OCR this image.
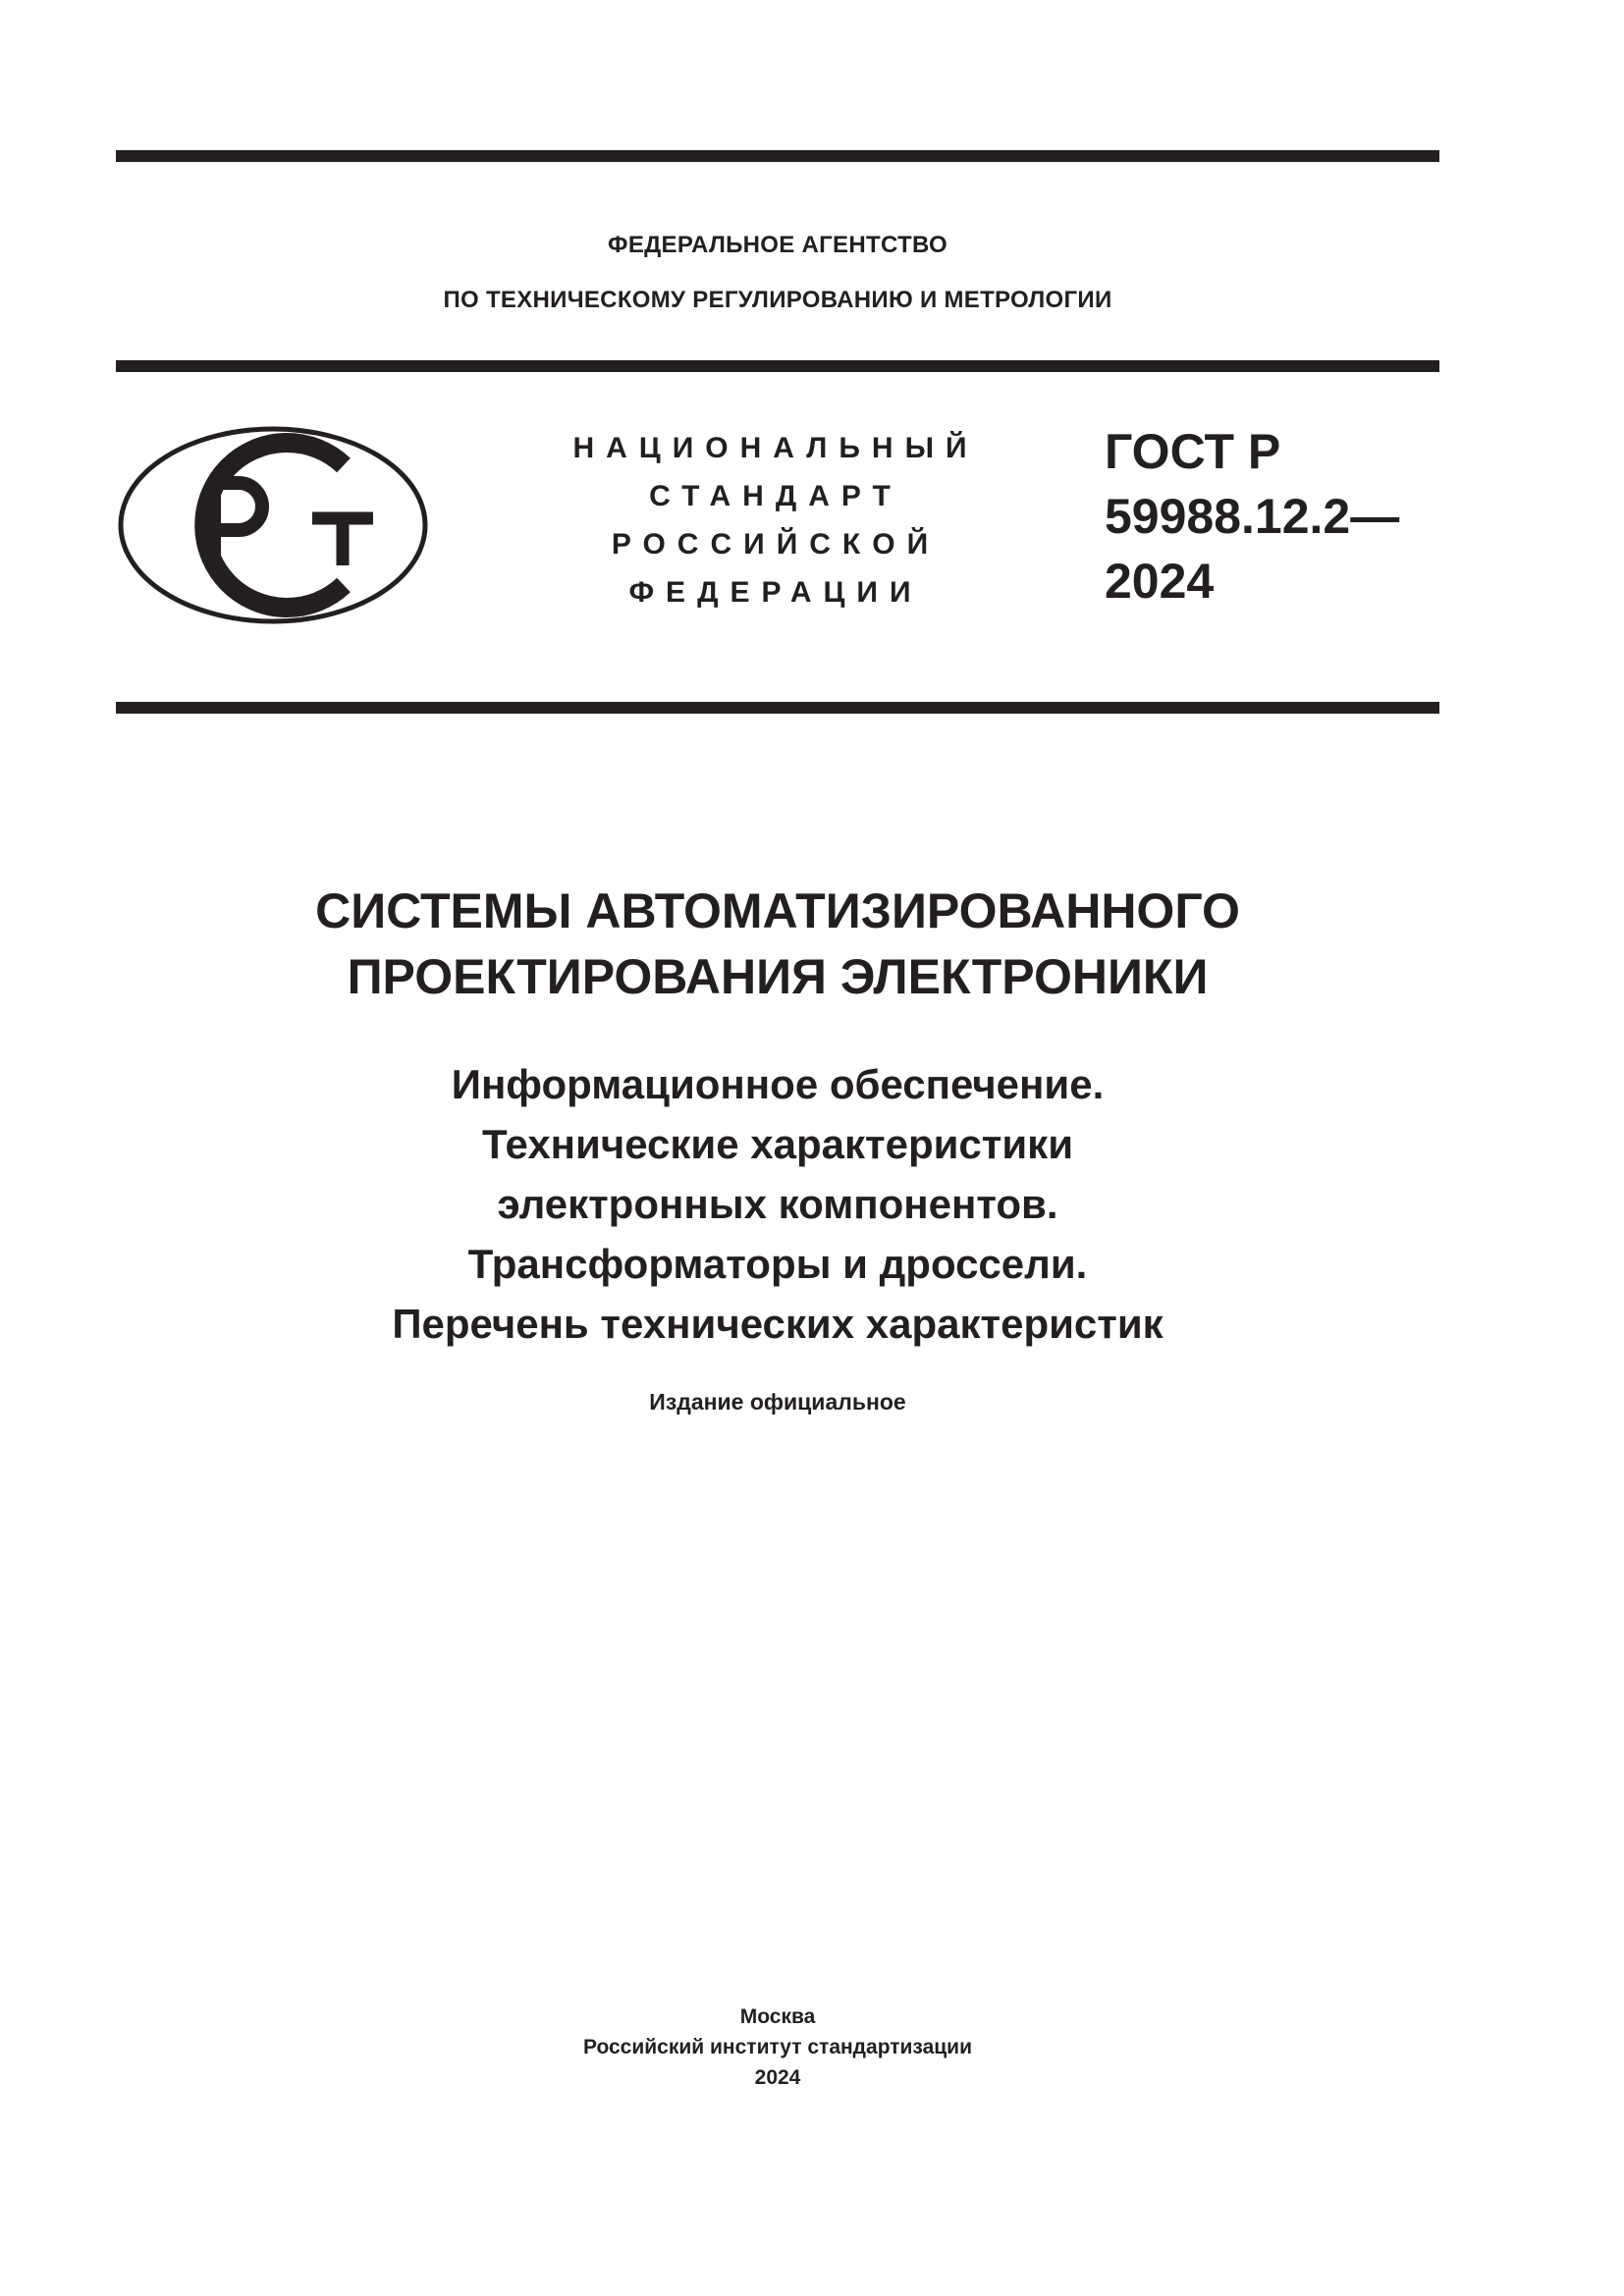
ФЕДЕРАЛЬНОЕ АГЕНТСТВО
ПО ТЕХНИЧЕСКОМУ РЕГУЛИРОВАНИЮ И МЕТРОЛОГИИ
НАЦИОНАЛЬНЫЙ
СТАНДАРТ
РОССИЙСКОЙ
ФЕДЕРАЦИИ
ГОСТ Р
59988.12.2—
2024
СИСТЕМЫ АВТОМАТИЗИРОВАННОГО
ПРОЕКТИРОВАНИЯ ЭЛЕКТРОНИКИ
Информационное обеспечение.
Технические характеристики
электронных компонентов.
Трансформаторы и дроссели.
Перечень технических характеристик
Издание официальное
Москва
Российский институт стандартизации
2024
